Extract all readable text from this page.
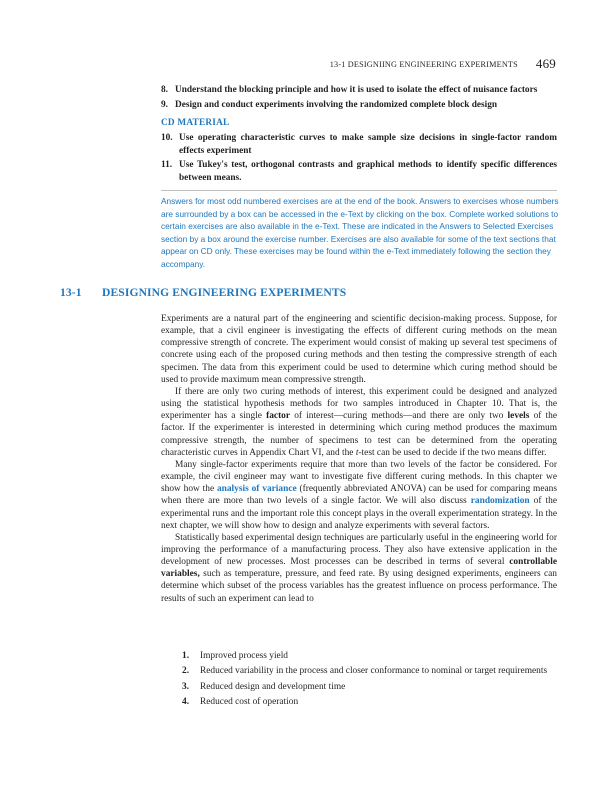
13-1 DESIGNIING ENGINEERING EXPERIMENTS 469
8. Understand the blocking principle and how it is used to isolate the effect of nuisance factors
9. Design and conduct experiments involving the randomized complete block design
CD MATERIAL
10. Use operating characteristic curves to make sample size decisions in single-factor random effects experiment
11. Use Tukey's test, orthogonal contrasts and graphical methods to identify specific differences between means.
Answers for most odd numbered exercises are at the end of the book. Answers to exercises whose numbers are surrounded by a box can be accessed in the e-Text by clicking on the box. Complete worked solutions to certain exercises are also available in the e-Text. These are indicated in the Answers to Selected Exercises section by a box around the exercise number. Exercises are also available for some of the text sections that appear on CD only. These exercises may be found within the e-Text immediately following the section they accompany.
13-1 DESIGNING ENGINEERING EXPERIMENTS

Experiments are a natural part of the engineering and scientific decision-making process. Suppose, for example, that a civil engineer is investigating the effects of different curing methods on the mean compressive strength of concrete. The experiment would consist of making up several test specimens of concrete using each of the proposed curing methods and then testing the compressive strength of each specimen. The data from this experiment could be used to determine which curing method should be used to provide maximum mean compressive strength.

If there are only two curing methods of interest, this experiment could be designed and analyzed using the statistical hypothesis methods for two samples introduced in Chapter 10. That is, the experimenter has a single factor of interest—curing methods—and there are only two levels of the factor. If the experimenter is interested in determining which curing method produces the maximum compressive strength, the number of specimens to test can be determined from the operating characteristic curves in Appendix Chart VI, and the t-test can be used to decide if the two means differ.

Many single-factor experiments require that more than two levels of the factor be considered. For example, the civil engineer may want to investigate five different curing methods. In this chapter we show how the analysis of variance (frequently abbreviated ANOVA) can be used for comparing means when there are more than two levels of a single factor. We will also discuss randomization of the experimental runs and the important role this concept plays in the overall experimentation strategy. In the next chapter, we will show how to design and analyze experiments with several factors.

Statistically based experimental design techniques are particularly useful in the engineering world for improving the performance of a manufacturing process. They also have extensive application in the development of new processes. Most processes can be described in terms of several controllable variables, such as temperature, pressure, and feed rate. By using designed experiments, engineers can determine which subset of the process variables has the greatest influence on process performance. The results of such an experiment can lead to

1. Improved process yield
2. Reduced variability in the process and closer conformance to nominal or target requirements
3. Reduced design and development time
4. Reduced cost of operation
